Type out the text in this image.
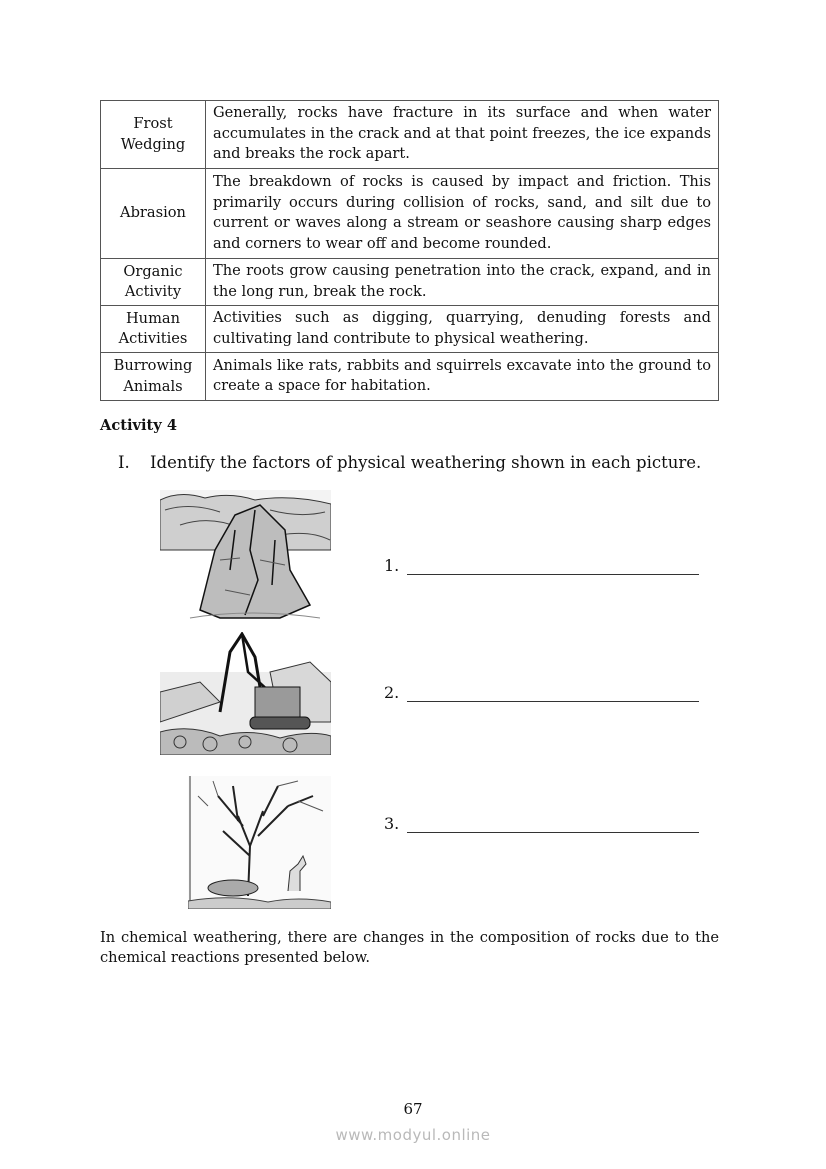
Frost Wedging	Generally, rocks have fracture in its surface and when water accumulates in the crack and at that point freezes, the ice expands and breaks the rock apart.
Abrasion	The breakdown of rocks is caused by impact and friction. This primarily occurs during collision of rocks, sand, and silt due to current or waves along a stream or seashore causing sharp edges and corners to wear off and become rounded.
Organic Activity	The roots grow causing penetration into the crack, expand, and in the long run, break the rock.
Human Activities	Activities such as digging, quarrying, denuding forests and cultivating land contribute to physical weathering.
Burrowing Animals	Animals like rats, rabbits and squirrels excavate into the ground to create a space for habitation.
Activity 4
I. Identify the factors of physical weathering shown in each picture.
1.
2.
3.
In chemical weathering, there are changes in the composition of rocks due to the chemical reactions presented below.
67
www.modyul.online
